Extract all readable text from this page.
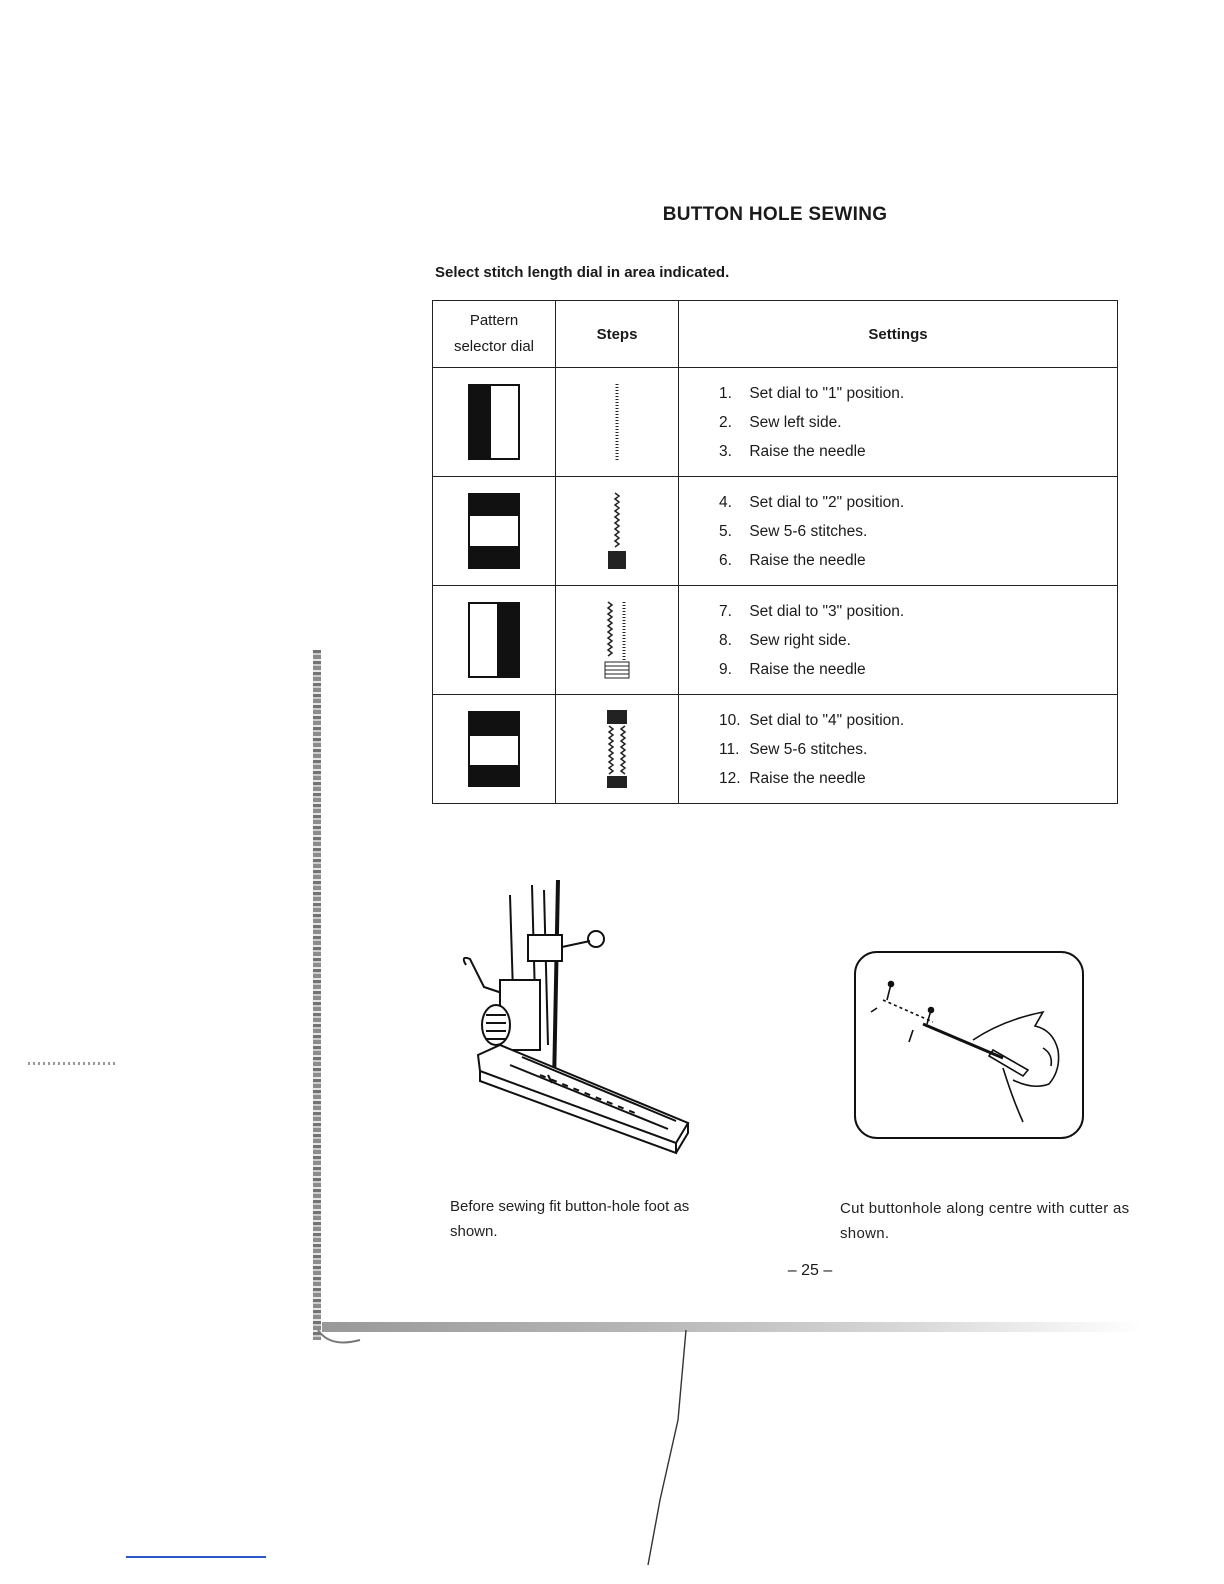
BUTTON HOLE SEWING
Select stitch length dial in area indicated.
Pattern
selector dial	Steps	Settings

1. Set dial to "1" position.
2. Sew left side.
3. Raise the needle

4. Set dial to "2" position.
5. Sew 5-6 stitches.
6. Raise the needle

7. Set dial to "3" position.
8. Sew right side.
9. Raise the needle

10. Set dial to "4" position.
11. Sew 5-6 stitches.
12. Raise the needle
Before sewing fit button-hole foot as shown.
Cut buttonhole along centre with cutter as shown.
– 25 –
